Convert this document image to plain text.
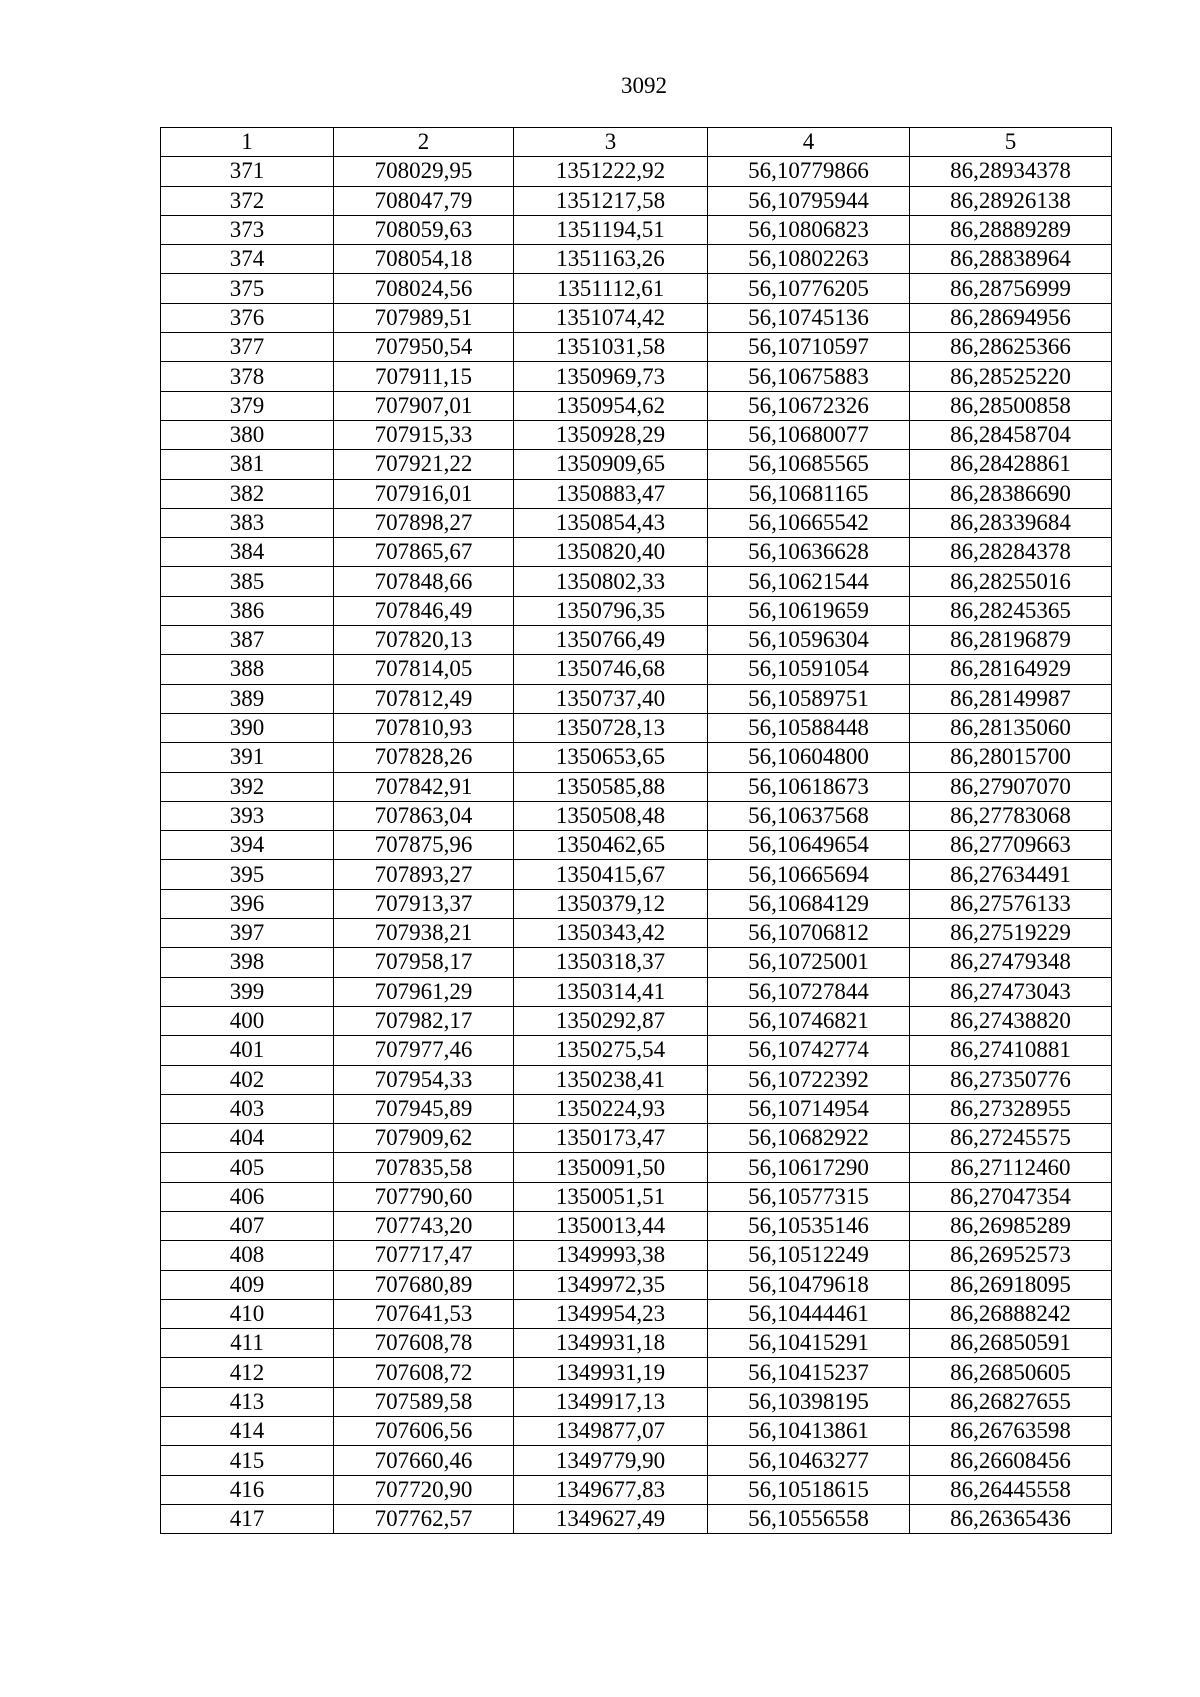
3092
1	2	3	4	5
371	708029,95	1351222,92	56,10779866	86,28934378
372	708047,79	1351217,58	56,10795944	86,28926138
373	708059,63	1351194,51	56,10806823	86,28889289
374	708054,18	1351163,26	56,10802263	86,28838964
375	708024,56	1351112,61	56,10776205	86,28756999
376	707989,51	1351074,42	56,10745136	86,28694956
377	707950,54	1351031,58	56,10710597	86,28625366
378	707911,15	1350969,73	56,10675883	86,28525220
379	707907,01	1350954,62	56,10672326	86,28500858
380	707915,33	1350928,29	56,10680077	86,28458704
381	707921,22	1350909,65	56,10685565	86,28428861
382	707916,01	1350883,47	56,10681165	86,28386690
383	707898,27	1350854,43	56,10665542	86,28339684
384	707865,67	1350820,40	56,10636628	86,28284378
385	707848,66	1350802,33	56,10621544	86,28255016
386	707846,49	1350796,35	56,10619659	86,28245365
387	707820,13	1350766,49	56,10596304	86,28196879
388	707814,05	1350746,68	56,10591054	86,28164929
389	707812,49	1350737,40	56,10589751	86,28149987
390	707810,93	1350728,13	56,10588448	86,28135060
391	707828,26	1350653,65	56,10604800	86,28015700
392	707842,91	1350585,88	56,10618673	86,27907070
393	707863,04	1350508,48	56,10637568	86,27783068
394	707875,96	1350462,65	56,10649654	86,27709663
395	707893,27	1350415,67	56,10665694	86,27634491
396	707913,37	1350379,12	56,10684129	86,27576133
397	707938,21	1350343,42	56,10706812	86,27519229
398	707958,17	1350318,37	56,10725001	86,27479348
399	707961,29	1350314,41	56,10727844	86,27473043
400	707982,17	1350292,87	56,10746821	86,27438820
401	707977,46	1350275,54	56,10742774	86,27410881
402	707954,33	1350238,41	56,10722392	86,27350776
403	707945,89	1350224,93	56,10714954	86,27328955
404	707909,62	1350173,47	56,10682922	86,27245575
405	707835,58	1350091,50	56,10617290	86,27112460
406	707790,60	1350051,51	56,10577315	86,27047354
407	707743,20	1350013,44	56,10535146	86,26985289
408	707717,47	1349993,38	56,10512249	86,26952573
409	707680,89	1349972,35	56,10479618	86,26918095
410	707641,53	1349954,23	56,10444461	86,26888242
411	707608,78	1349931,18	56,10415291	86,26850591
412	707608,72	1349931,19	56,10415237	86,26850605
413	707589,58	1349917,13	56,10398195	86,26827655
414	707606,56	1349877,07	56,10413861	86,26763598
415	707660,46	1349779,90	56,10463277	86,26608456
416	707720,90	1349677,83	56,10518615	86,26445558
417	707762,57	1349627,49	56,10556558	86,26365436
